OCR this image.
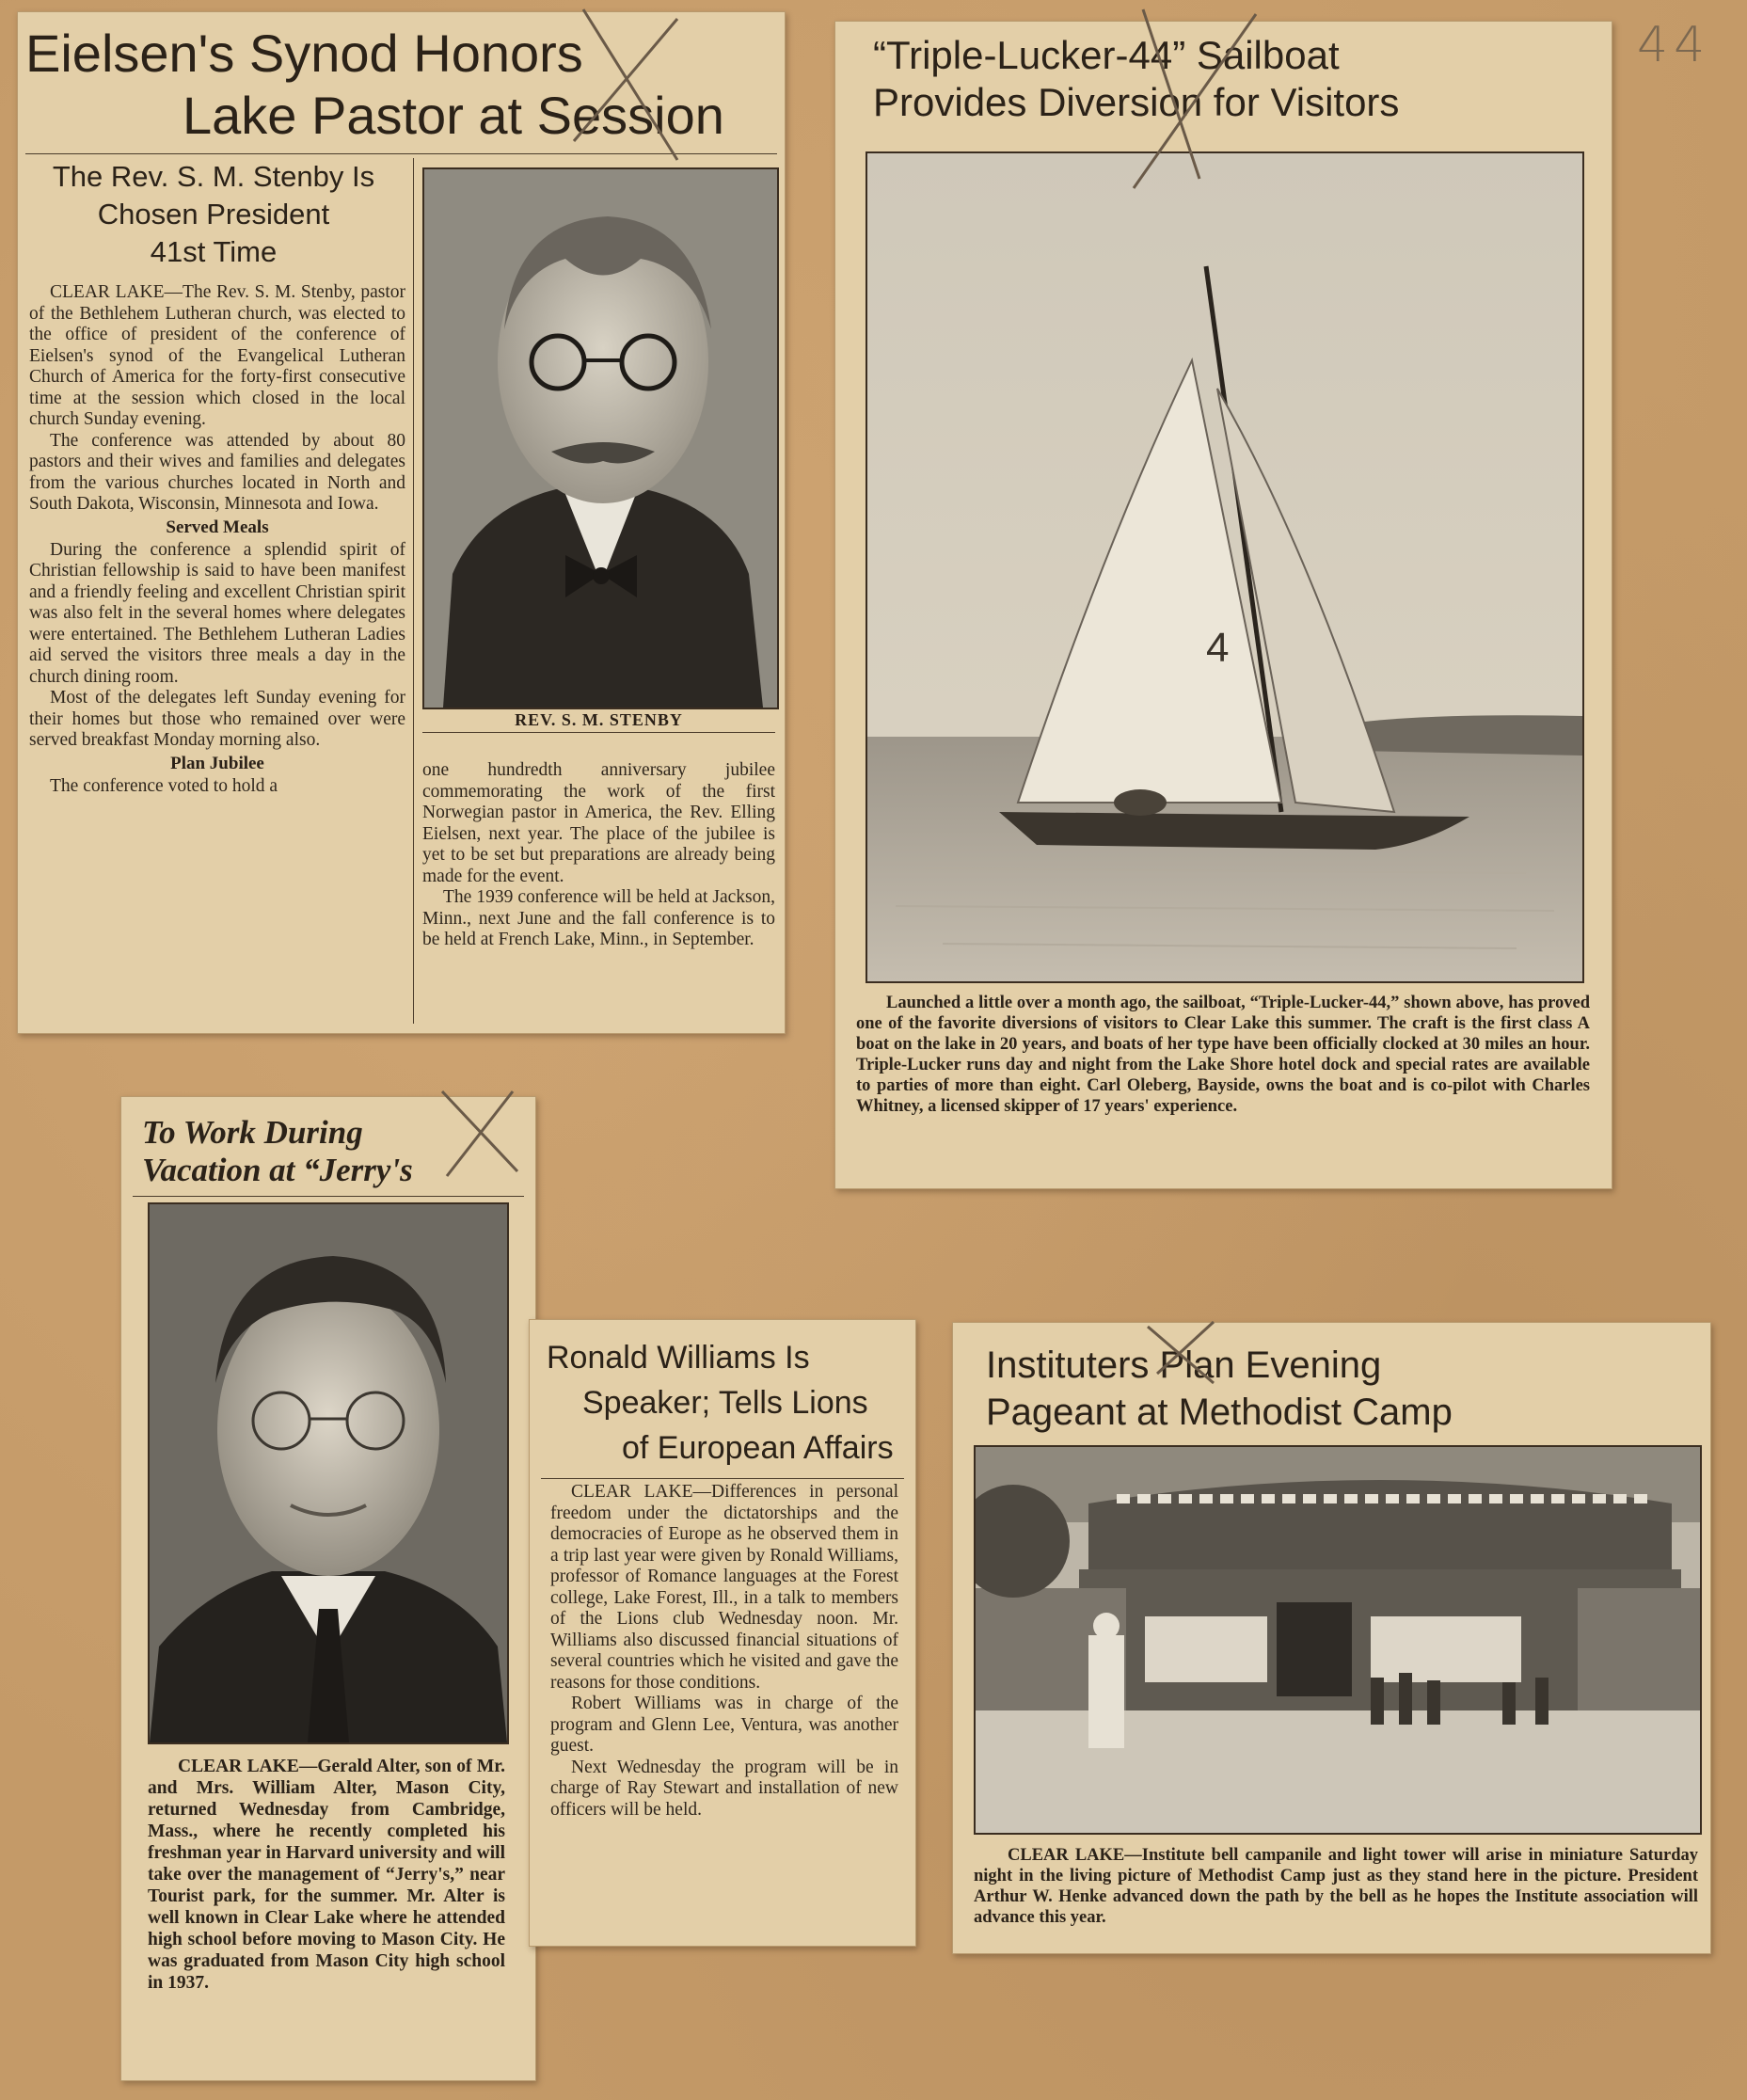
44
Eielsen's Synod Honors
Lake Pastor at Session
The Rev. S. M. Stenby Is
Chosen President
41st Time

CLEAR LAKE—The Rev. S. M. Stenby, pastor of the Bethlehem Lutheran church, was elected to the office of president of the conference of Eielsen's synod of the Evangelical Lutheran Church of America for the forty-first consecutive time at the session which closed in the local church Sunday evening.

The conference was attended by about 80 pastors and their wives and families and delegates from the various churches located in North and South Dakota, Wisconsin, Minnesota and Iowa.

Served Meals

During the conference a splendid spirit of Christian fellowship is said to have been manifest and a friendly feeling and excellent Christian spirit was also felt in the several homes where delegates were entertained. The Bethlehem Lutheran Ladies aid served the visitors three meals a day in the church dining room.

Most of the delegates left Sunday evening for their homes but those who remained over were served breakfast Monday morning also.

Plan Jubilee

The conference voted to hold a

REV. S. M. STENBY

one hundredth anniversary jubilee commemorating the work of the first Norwegian pastor in America, the Rev. Elling Eielsen, next year. The place of the jubilee is yet to be set but preparations are already being made for the event.

The 1939 conference will be held at Jackson, Minn., next June and the fall conference is to be held at French Lake, Minn., in September.

“Triple-Lucker-44” Sailboat
Provides Diversion for Visitors
4

Launched a little over a month ago, the sailboat, “Triple-Lucker-44,” shown above, has proved one of the favorite diversions of visitors to Clear Lake this summer. The craft is the first class A boat on the lake in 20 years, and boats of her type have been officially clocked at 30 miles an hour. Triple-Lucker runs day and night from the Lake Shore hotel dock and special rates are available to parties of more than eight. Carl Oleberg, Bayside, owns the boat and is co-pilot with Charles Whitney, a licensed skipper of 17 years' experience.

To Work During
Vacation at “Jerry's

CLEAR LAKE—Gerald Alter, son of Mr. and Mrs. William Alter, Mason City, returned Wednesday from Cambridge, Mass., where he recently completed his freshman year in Harvard university and will take over the management of “Jerry's,” near Tourist park, for the summer. Mr. Alter is well known in Clear Lake where he attended high school before moving to Mason City. He was graduated from Mason City high school in 1937.

Ronald Williams Is
Speaker; Tells Lions
of European Affairs

CLEAR LAKE—Differences in personal freedom under the dictatorships and the democracies of Europe as he observed them in a trip last year were given by Ronald Williams, professor of Romance languages at the Forest college, Lake Forest, Ill., in a talk to members of the Lions club Wednesday noon. Mr. Williams also discussed financial situations of several countries which he visited and gave the reasons for those conditions.

Robert Williams was in charge of the program and Glenn Lee, Ventura, was another guest.

Next Wednesday the program will be in charge of Ray Stewart and installation of new officers will be held.

Instituters Plan Evening
Pageant at Methodist Camp

CLEAR LAKE—Institute bell campanile and light tower will arise in miniature Saturday night in the living picture of Methodist Camp just as they stand here in the picture. President Arthur W. Henke advanced down the path by the bell as he hopes the Institute association will advance this year.
